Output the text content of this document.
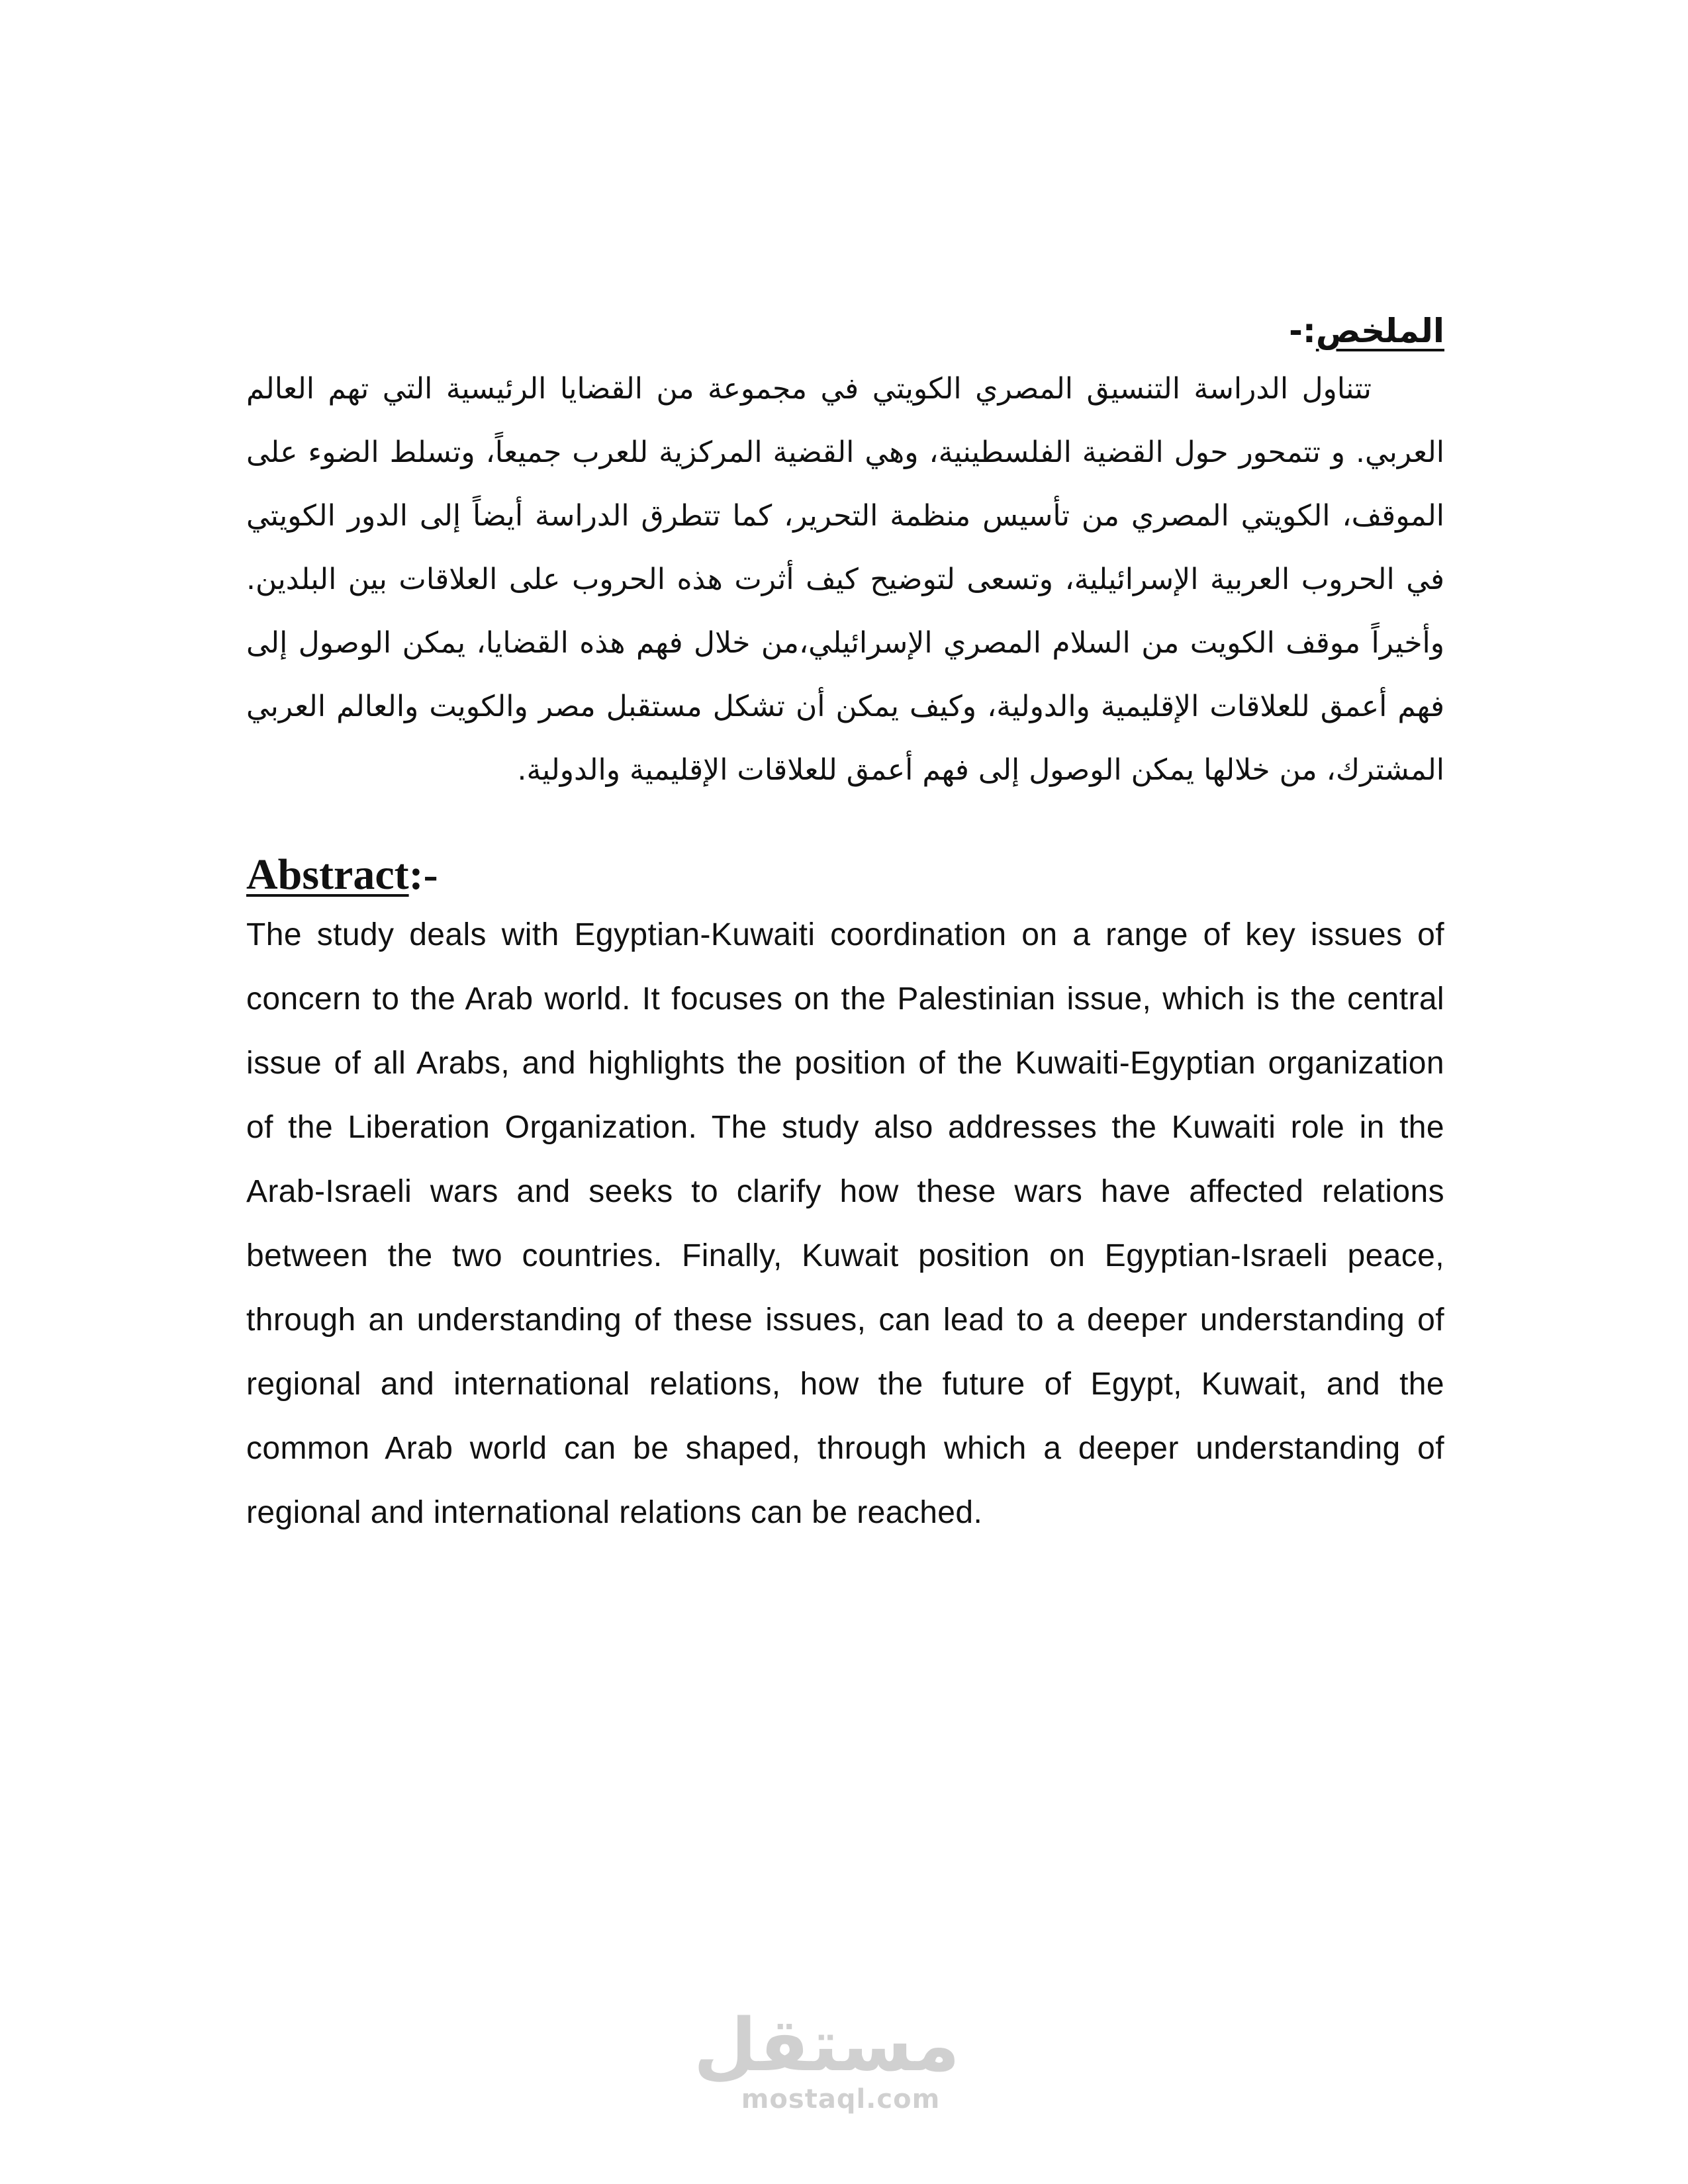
الملخص:-

تتناول الدراسة التنسيق المصري الكويتي في مجموعة من القضايا الرئيسية التي تهم العالم العربي. و تتمحور حول القضية الفلسطينية، وهي القضية المركزية للعرب جميعاً، وتسلط الضوء على الموقف، الكويتي المصري من تأسيس منظمة التحرير، كما تتطرق الدراسة أيضاً إلى الدور الكويتي في الحروب العربية الإسرائيلية، وتسعى لتوضيح كيف أثرت هذه الحروب على العلاقات بين البلدين. وأخيراً موقف الكويت من السلام المصري الإسرائيلي،من خلال فهم هذه القضايا، يمكن الوصول إلى فهم أعمق للعلاقات الإقليمية والدولية، وكيف يمكن أن تشكل مستقبل مصر والكويت والعالم العربي المشترك، من خلالها يمكن الوصول إلى فهم أعمق للعلاقات الإقليمية والدولية.

Abstract:-

The study deals with Egyptian-Kuwaiti coordination on a range of key issues of concern to the Arab world. It focuses on the Palestinian issue, which is the central issue of all Arabs, and highlights the position of the Kuwaiti-Egyptian organization of the Liberation Organization. The study also addresses the Kuwaiti role in the Arab-Israeli wars and seeks to clarify how these wars have affected relations between the two countries. Finally, Kuwait position on Egyptian-Israeli peace, through an understanding of these issues, can lead to a deeper understanding of regional and international relations, how the future of Egypt, Kuwait, and the common Arab world can be shaped, through which a deeper understanding of regional and international relations can be reached.

مستقل
mostaql.com
